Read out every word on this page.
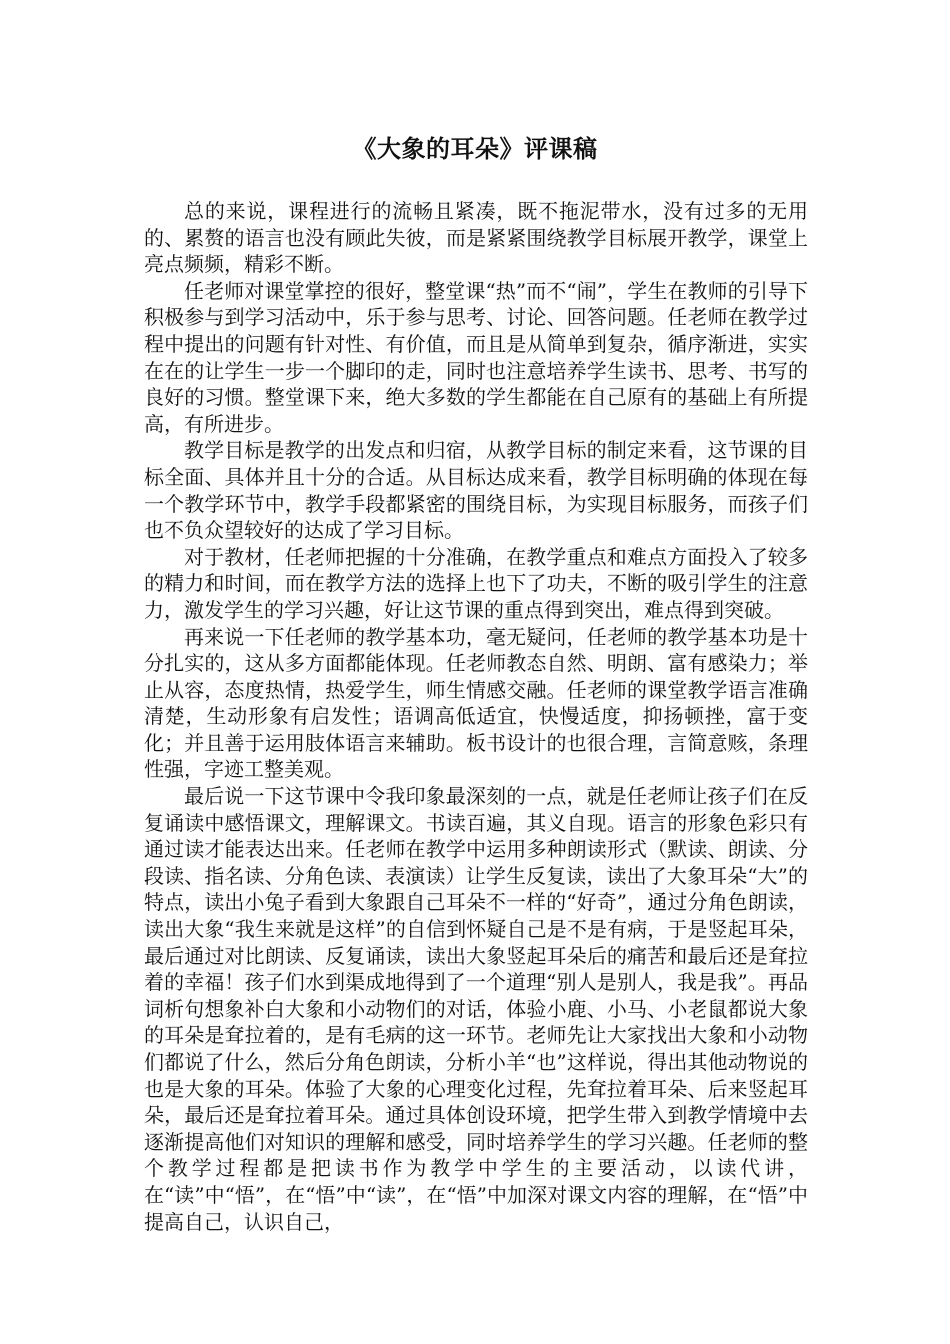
《大象的耳朵》评课稿

总的来说，课程进行的流畅且紧凑，既不拖泥带水，没有过多的无用的、累赘的语言也没有顾此失彼，而是紧紧围绕教学目标展开教学，课堂上亮点频频，精彩不断。

任老师对课堂掌控的很好，整堂课“热”而不“闹”，学生在教师的引导下积极参与到学习活动中，乐于参与思考、讨论、回答问题。任老师在教学过程中提出的问题有针对性、有价值，而且是从简单到复杂，循序渐进，实实在在的让学生一步一个脚印的走，同时也注意培养学生读书、思考、书写的良好的习惯。整堂课下来，绝大多数的学生都能在自己原有的基础上有所提高，有所进步。

教学目标是教学的出发点和归宿，从教学目标的制定来看，这节课的目标全面、具体并且十分的合适。从目标达成来看，教学目标明确的体现在每一个教学环节中，教学手段都紧密的围绕目标，为实现目标服务，而孩子们也不负众望较好的达成了学习目标。

对于教材，任老师把握的十分准确，在教学重点和难点方面投入了较多的精力和时间，而在教学方法的选择上也下了功夫，不断的吸引学生的注意力，激发学生的学习兴趣，好让这节课的重点得到突出，难点得到突破。

再来说一下任老师的教学基本功，毫无疑问，任老师的教学基本功是十分扎实的，这从多方面都能体现。任老师教态自然、明朗、富有感染力；举止从容，态度热情，热爱学生，师生情感交融。任老师的课堂教学语言准确清楚，生动形象有启发性；语调高低适宜，快慢适度，抑扬顿挫，富于变化；并且善于运用肢体语言来辅助。板书设计的也很合理，言简意赅，条理性强，字迹工整美观。

最后说一下这节课中令我印象最深刻的一点，就是任老师让孩子们在反复诵读中感悟课文，理解课文。书读百遍，其义自现。语言的形象色彩只有通过读才能表达出来。任老师在教学中运用多种朗读形式（默读、朗读、分段读、指名读、分角色读、表演读）让学生反复读，读出了大象耳朵“大”的特点，读出小兔子看到大象跟自己耳朵不一样的“好奇”，通过分角色朗读，读出大象“我生来就是这样”的自信到怀疑自己是不是有病，于是竖起耳朵，最后通过对比朗读、反复诵读，读出大象竖起耳朵后的痛苦和最后还是耷拉着的幸福！孩子们水到渠成地得到了一个道理“别人是别人，我是我”。再品词析句想象补白大象和小动物们的对话，体验小鹿、小马、小老鼠都说大象的耳朵是耷拉着的，是有毛病的这一环节。老师先让大家找出大象和小动物们都说了什么，然后分角色朗读，分析小羊“也”这样说，得出其他动物说的也是大象的耳朵。体验了大象的心理变化过程，先耷拉着耳朵、后来竖起耳朵，最后还是耷拉着耳朵。通过具体创设环境，把学生带入到教学情境中去逐渐提高他们对知识的理解和感受，同时培养学生的学习兴趣。任老师的整个教学过程都是把读书作为教学中学生的主要活动，以读代讲，在“读”中“悟”，在“悟”中“读”，在“悟”中加深对课文内容的理解，在“悟”中提高自己，认识自己，
